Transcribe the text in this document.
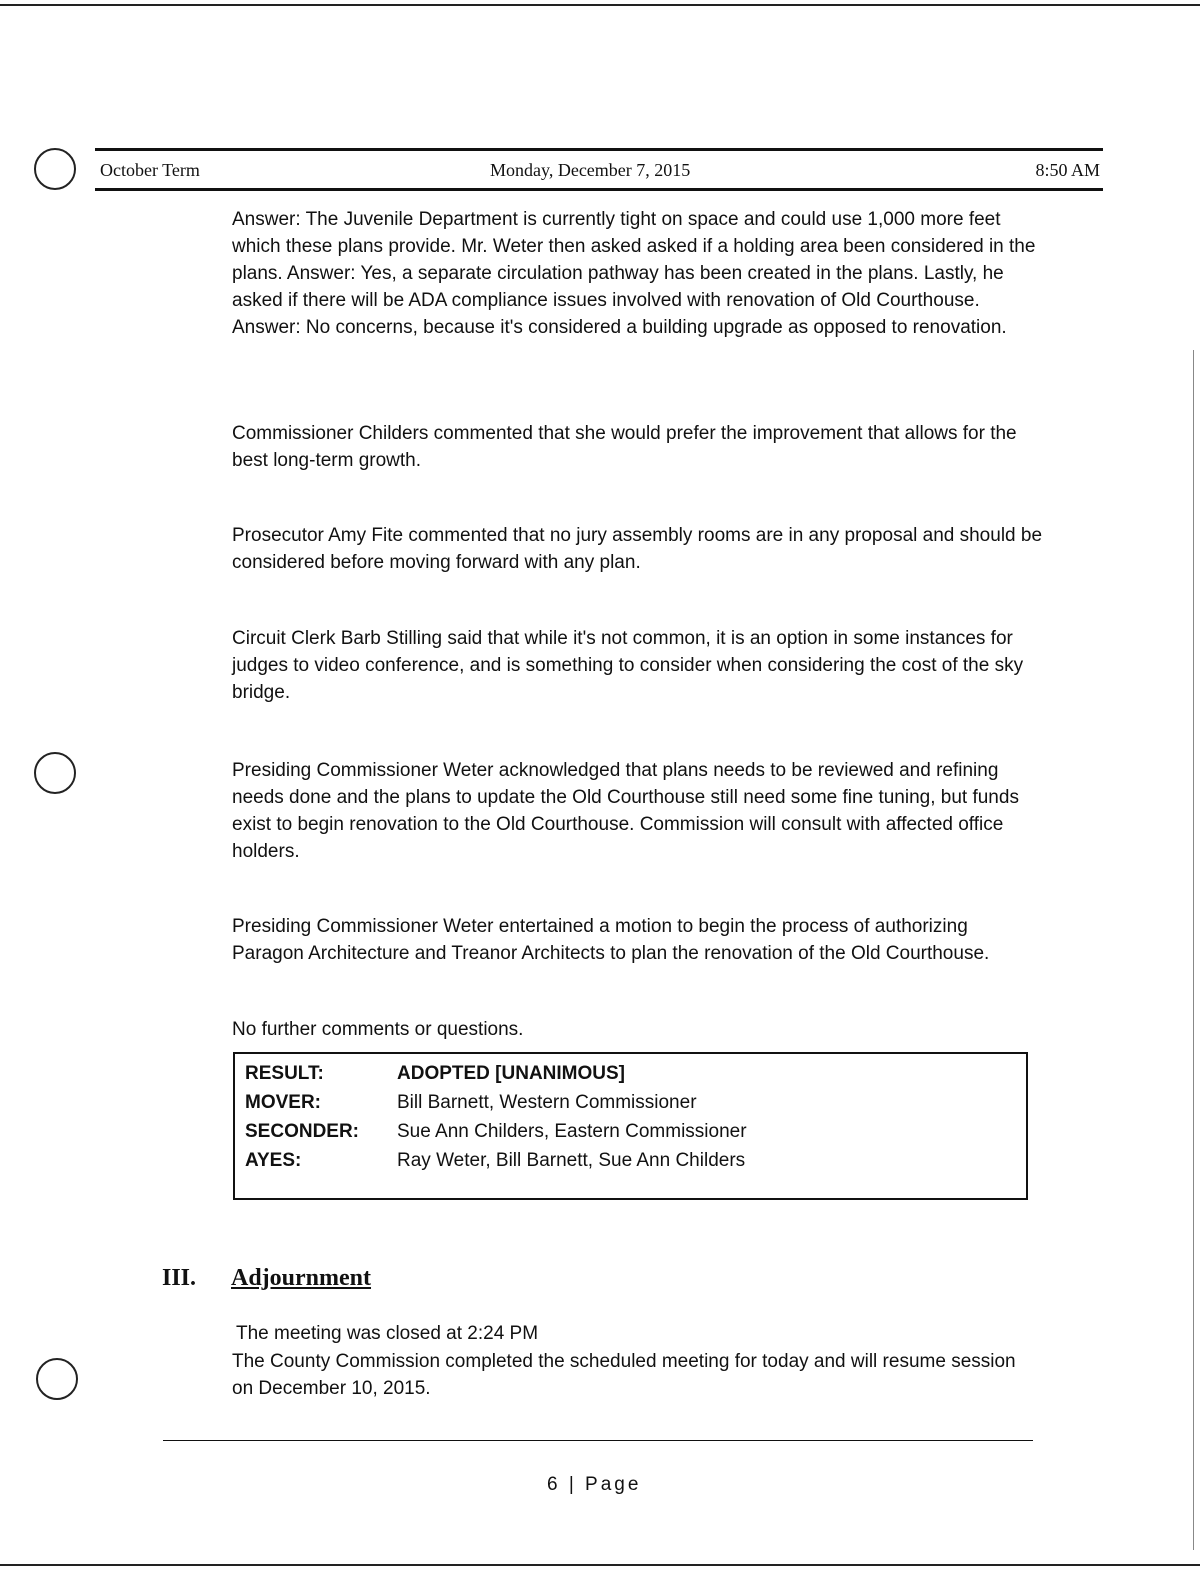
October Term	Monday, December 7, 2015	8:50 AM

Answer: The Juvenile Department is currently tight on space and could use 1,000 more feet which these plans provide. Mr. Weter then asked asked if a holding area been considered in the plans. Answer: Yes, a separate circulation pathway has been created in the plans. Lastly, he asked if there will be ADA compliance issues involved with renovation of Old Courthouse. Answer: No concerns, because it's considered a building upgrade as opposed to renovation.

Commissioner Childers commented that she would prefer the improvement that allows for the best long-term growth.

Prosecutor Amy Fite commented that no jury assembly rooms are in any proposal and should be considered before moving forward with any plan.

Circuit Clerk Barb Stilling said that while it's not common, it is an option in some instances for judges to video conference, and is something to consider when considering the cost of the sky bridge.

Presiding Commissioner Weter acknowledged that plans needs to be reviewed and refining needs done and the plans to update the Old Courthouse still need some fine tuning, but funds exist to begin renovation to the Old Courthouse. Commission will consult with affected office holders.

Presiding Commissioner Weter entertained a motion to begin the process of authorizing Paragon Architecture and Treanor Architects to plan the renovation of the Old Courthouse.

No further comments or questions.

RESULT:	ADOPTED [UNANIMOUS]
MOVER:	Bill Barnett, Western Commissioner
SECONDER:	Sue Ann Childers, Eastern Commissioner
AYES:	Ray Weter, Bill Barnett, Sue Ann Childers
III. Adjournment

The meeting was closed at 2:24 PM

The County Commission completed the scheduled meeting for today and will resume session on December 10, 2015.

6 | Page
